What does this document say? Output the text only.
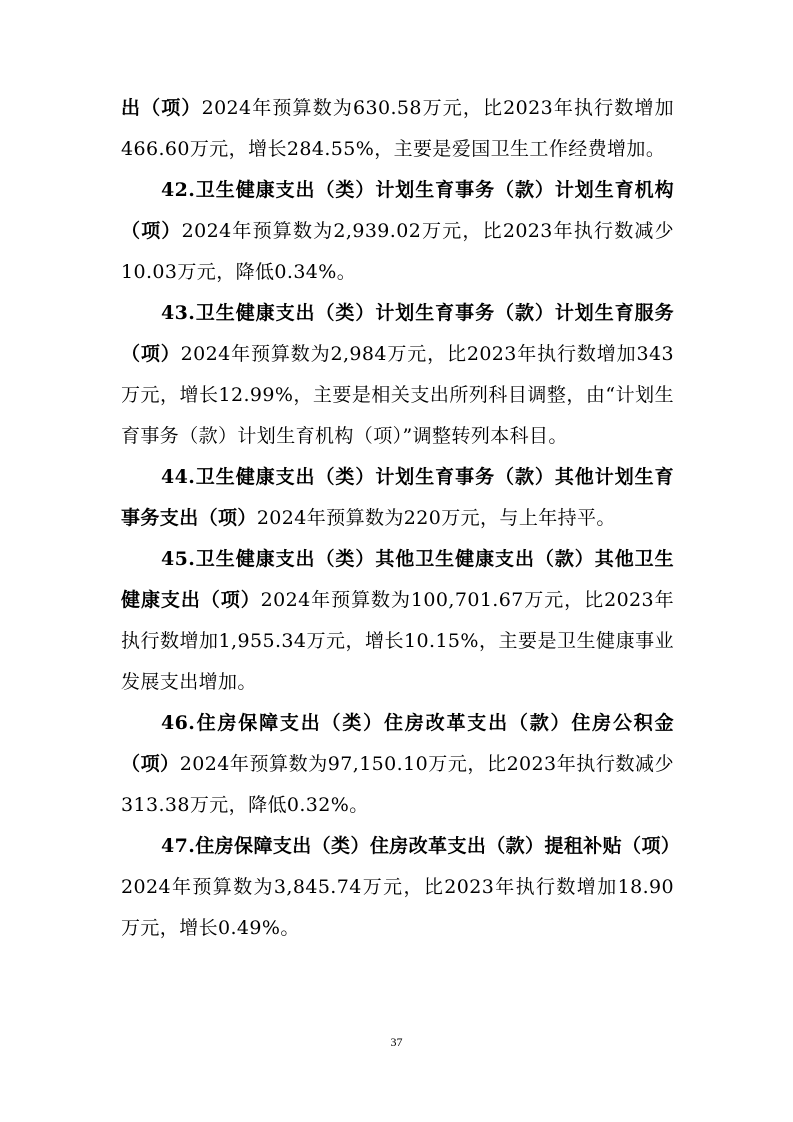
出（项）2024年预算数为630.58万元，比2023年执行数增加466.60万元，增长284.55%，主要是爱国卫生工作经费增加。

42.卫生健康支出（类）计划生育事务（款）计划生育机构（项）2024年预算数为2,939.02万元，比2023年执行数减少10.03万元，降低0.34%。

43.卫生健康支出（类）计划生育事务（款）计划生育服务（项）2024年预算数为2,984万元，比2023年执行数增加343万元，增长12.99%，主要是相关支出所列科目调整，由“计划生育事务（款）计划生育机构（项）”调整转列本科目。

44.卫生健康支出（类）计划生育事务（款）其他计划生育事务支出（项）2024年预算数为220万元，与上年持平。

45.卫生健康支出（类）其他卫生健康支出（款）其他卫生健康支出（项）2024年预算数为100,701.67万元，比2023年执行数增加1,955.34万元，增长10.15%，主要是卫生健康事业发展支出增加。

46.住房保障支出（类）住房改革支出（款）住房公积金（项）2024年预算数为97,150.10万元，比2023年执行数减少313.38万元，降低0.32%。

47.住房保障支出（类）住房改革支出（款）提租补贴（项）2024年预算数为3,845.74万元，比2023年执行数增加18.90万元，增长0.49%。

37
